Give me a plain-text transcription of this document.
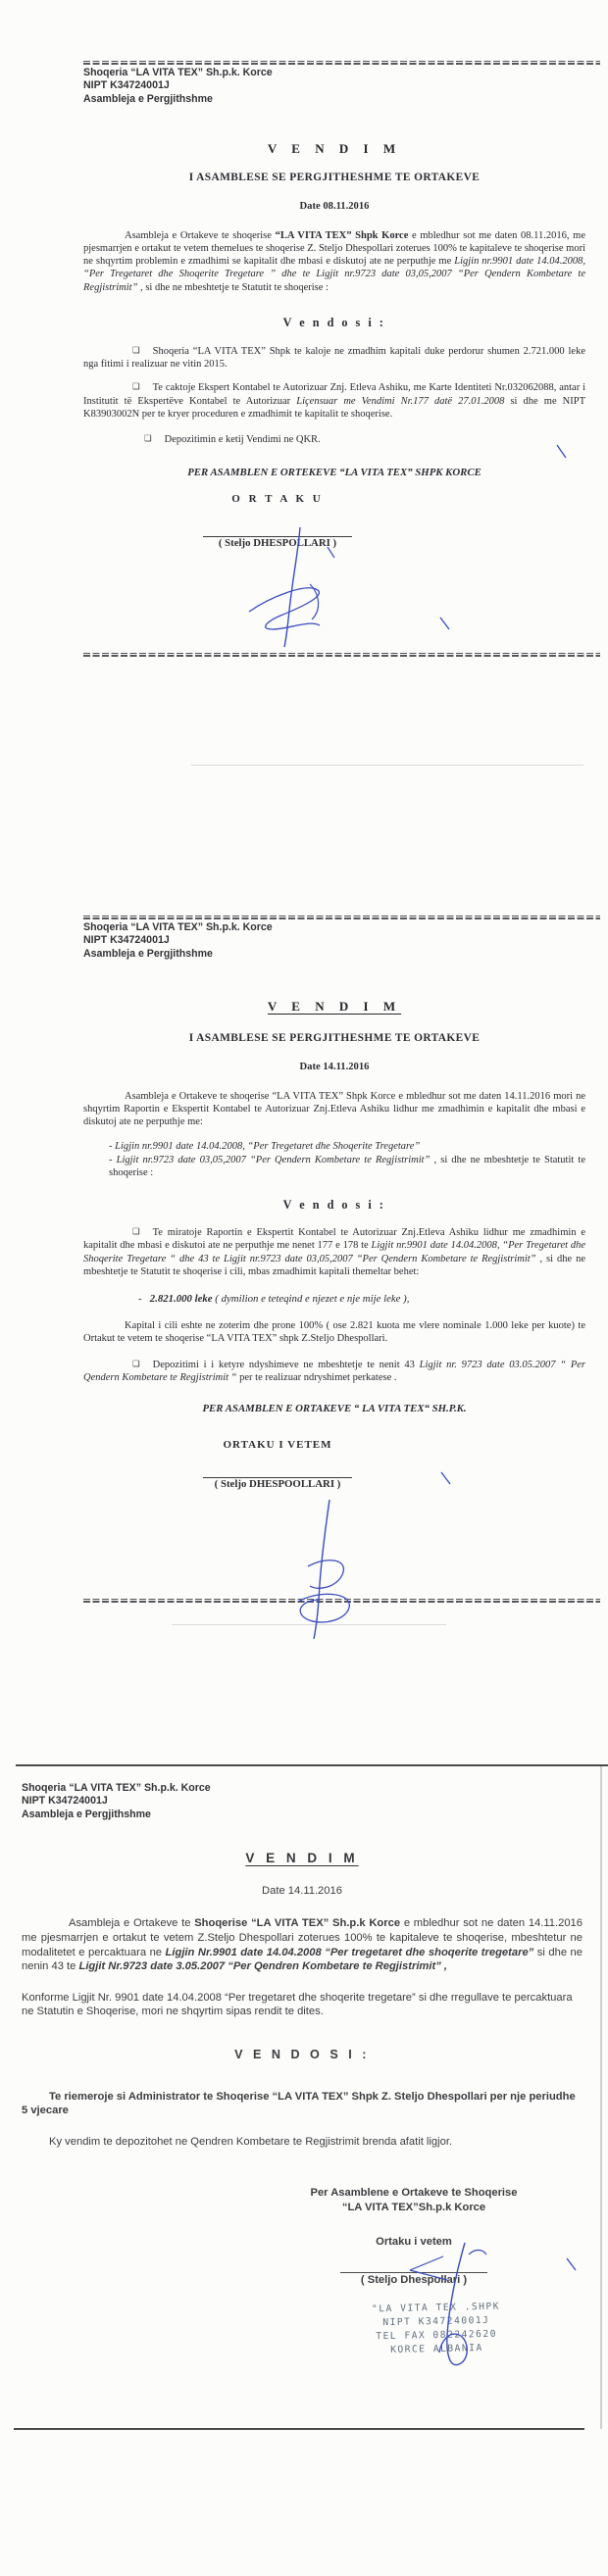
Shoqeria “LA VITA TEX” Sh.p.k. Korce

NIPT K34724001J

Asambleja e Pergjithshme

V E N D I M

I ASAMBLESE SE PERGJITHESHME TE ORTAKEVE

Date 08.11.2016

Asambleja e Ortakeve te shoqerise “LA VITA TEX” Shpk Korce e mbledhur sot me daten 08.11.2016, me pjesmarrjen e ortakut te vetem themelues te shoqerise Z. Steljo Dhespollari zoterues 100% te kapitaleve te shoqerise mori ne shqyrtim problemin e zmadhimi se kapitalit dhe mbasi e diskutoj ate ne perputhje me Ligjin nr.9901 date 14.04.2008, “Per Tregetaret dhe Shoqerite Tregetare ” dhe te Ligjit nr.9723 date 03,05,2007 “Per Qendern Kombetare te Regjistrimit” , si dhe ne mbeshtetje te Statutit te shoqerise :

V e n d o s i :

❑ Shoqeria “LA VITA TEX” Shpk te kaloje ne zmadhim kapitali duke perdorur shumen 2.721.000 leke nga fitimi i realizuar ne vitin 2015.

❑ Te caktoje Ekspert Kontabel te Autorizuar Znj. Etleva Ashiku, me Karte Identiteti Nr.032062088, antar i Institutit të Ekspertëve Kontabel te Autorizuar Liçensuar me Vendimi Nr.177 datë 27.01.2008 si dhe me NIPT K83903002N per te kryer proceduren e zmadhimit te kapitalit te shoqerise.

❑ Depozitimin e ketij Vendimi ne QKR.

PER ASAMBLEN E ORTEKEVE “LA VITA TEX” SHPK KORCE

O R T A K U

( Steljo DHESPOLLARI )

Shoqeria “LA VITA TEX” Sh.p.k. Korce

NIPT K34724001J

Asambleja e Pergjithshme

V E N D I M

I ASAMBLESE SE PERGJITHESHME TE ORTAKEVE

Date 14.11.2016

Asambleja e Ortakeve te shoqerise “LA VITA TEX” Shpk Korce e mbledhur sot me daten 14.11.2016 mori ne shqyrtim Raportin e Ekspertit Kontabel te Autorizuar Znj.Etleva Ashiku lidhur me zmadhimin e kapitalit dhe mbasi e diskutoj ate ne perputhje me:

- Ligjin nr.9901 date 14.04.2008, “Per Tregetaret dhe Shoqerite Tregetare”

- Ligjit nr.9723 date 03,05,2007 “Per Qendern Kombetare te Regjistrimit” , si dhe ne mbeshtetje te Statutit te shoqerise :

V e n d o s i :

❑ Te miratoje Raportin e Ekspertit Kontabel te Autorizuar Znj.Etleva Ashiku lidhur me zmadhimin e kapitalit dhe mbasi e diskutoi ate ne perputhje me nenet 177 e 178 te Ligjit nr.9901 date 14.04.2008, “Per Tregetaret dhe Shoqerite Tregetare “ dhe 43 te Ligjit nr.9723 date 03,05,2007 “Per Qendern Kombetare te Regjistrimit” , si dhe ne mbeshtetje te Statutit te shoqerise i cili, mbas zmadhimit kapitali themeltar behet:

- 2.821.000 leke ( dymilion e teteqind e njezet e nje mije leke ),

Kapital i cili eshte ne zoterim dhe prone 100% ( ose 2.821 kuota me vlere nominale 1.000 leke per kuote) te Ortakut te vetem te shoqerise “LA VITA TEX” shpk Z.Steljo Dhespollari.

❑ Depozitimi i i ketyre ndyshimeve ne mbeshtetje te nenit 43 Ligjit nr. 9723 date 03.05.2007 “ Per Qendern Kombetare te Regjistrimit “ per te realizuar ndryshimet perkatese .

PER ASAMBLEN E ORTAKEVE “ LA VITA TEX“ SH.P.K.

ORTAKU I VETEM

( Steljo DHESPOOLLARI )

Shoqeria “LA VITA TEX” Sh.p.k. Korce

NIPT K34724001J

Asambleja e Pergjithshme

V E N D I M

Date 14.11.2016

Asambleja e Ortakeve te Shoqerise “LA VITA TEX” Sh.p.k Korce e mbledhur sot ne daten 14.11.2016 me pjesmarrjen e ortakut te vetem Z.Steljo Dhespollari zoterues 100% te kapitaleve te shoqerise, mbeshtetur ne modalitetet e percaktuara ne Ligjin Nr.9901 date 14.04.2008 “Per tregetaret dhe shoqerite tregetare” si dhe ne nenin 43 te Ligjit Nr.9723 date 3.05.2007 “Per Qendren Kombetare te Regjistrimit” ,

Konforme Ligjit Nr. 9901 date 14.04.2008 “Per tregetaret dhe shoqerite tregetare” si dhe rregullave te percaktuara ne Statutin e Shoqerise, mori ne shqyrtim sipas rendit te dites.

V E N D O S I :

Te riemeroje si Administrator te Shoqerise “LA VITA TEX” Shpk Z. Steljo Dhespollari per nje periudhe 5 vjecare

Ky vendim te depozitohet ne Qendren Kombetare te Regjistrimit brenda afatit ligjor.

Per Asamblene e Ortakeve te Shoqerise

“LA VITA TEX”Sh.p.k Korce

Ortaku i vetem

( Steljo Dhespollari )

"LA VITA TEX .SHPK

NIPT K34724001J

TEL FAX 082242620

KORCE ALBANIA
